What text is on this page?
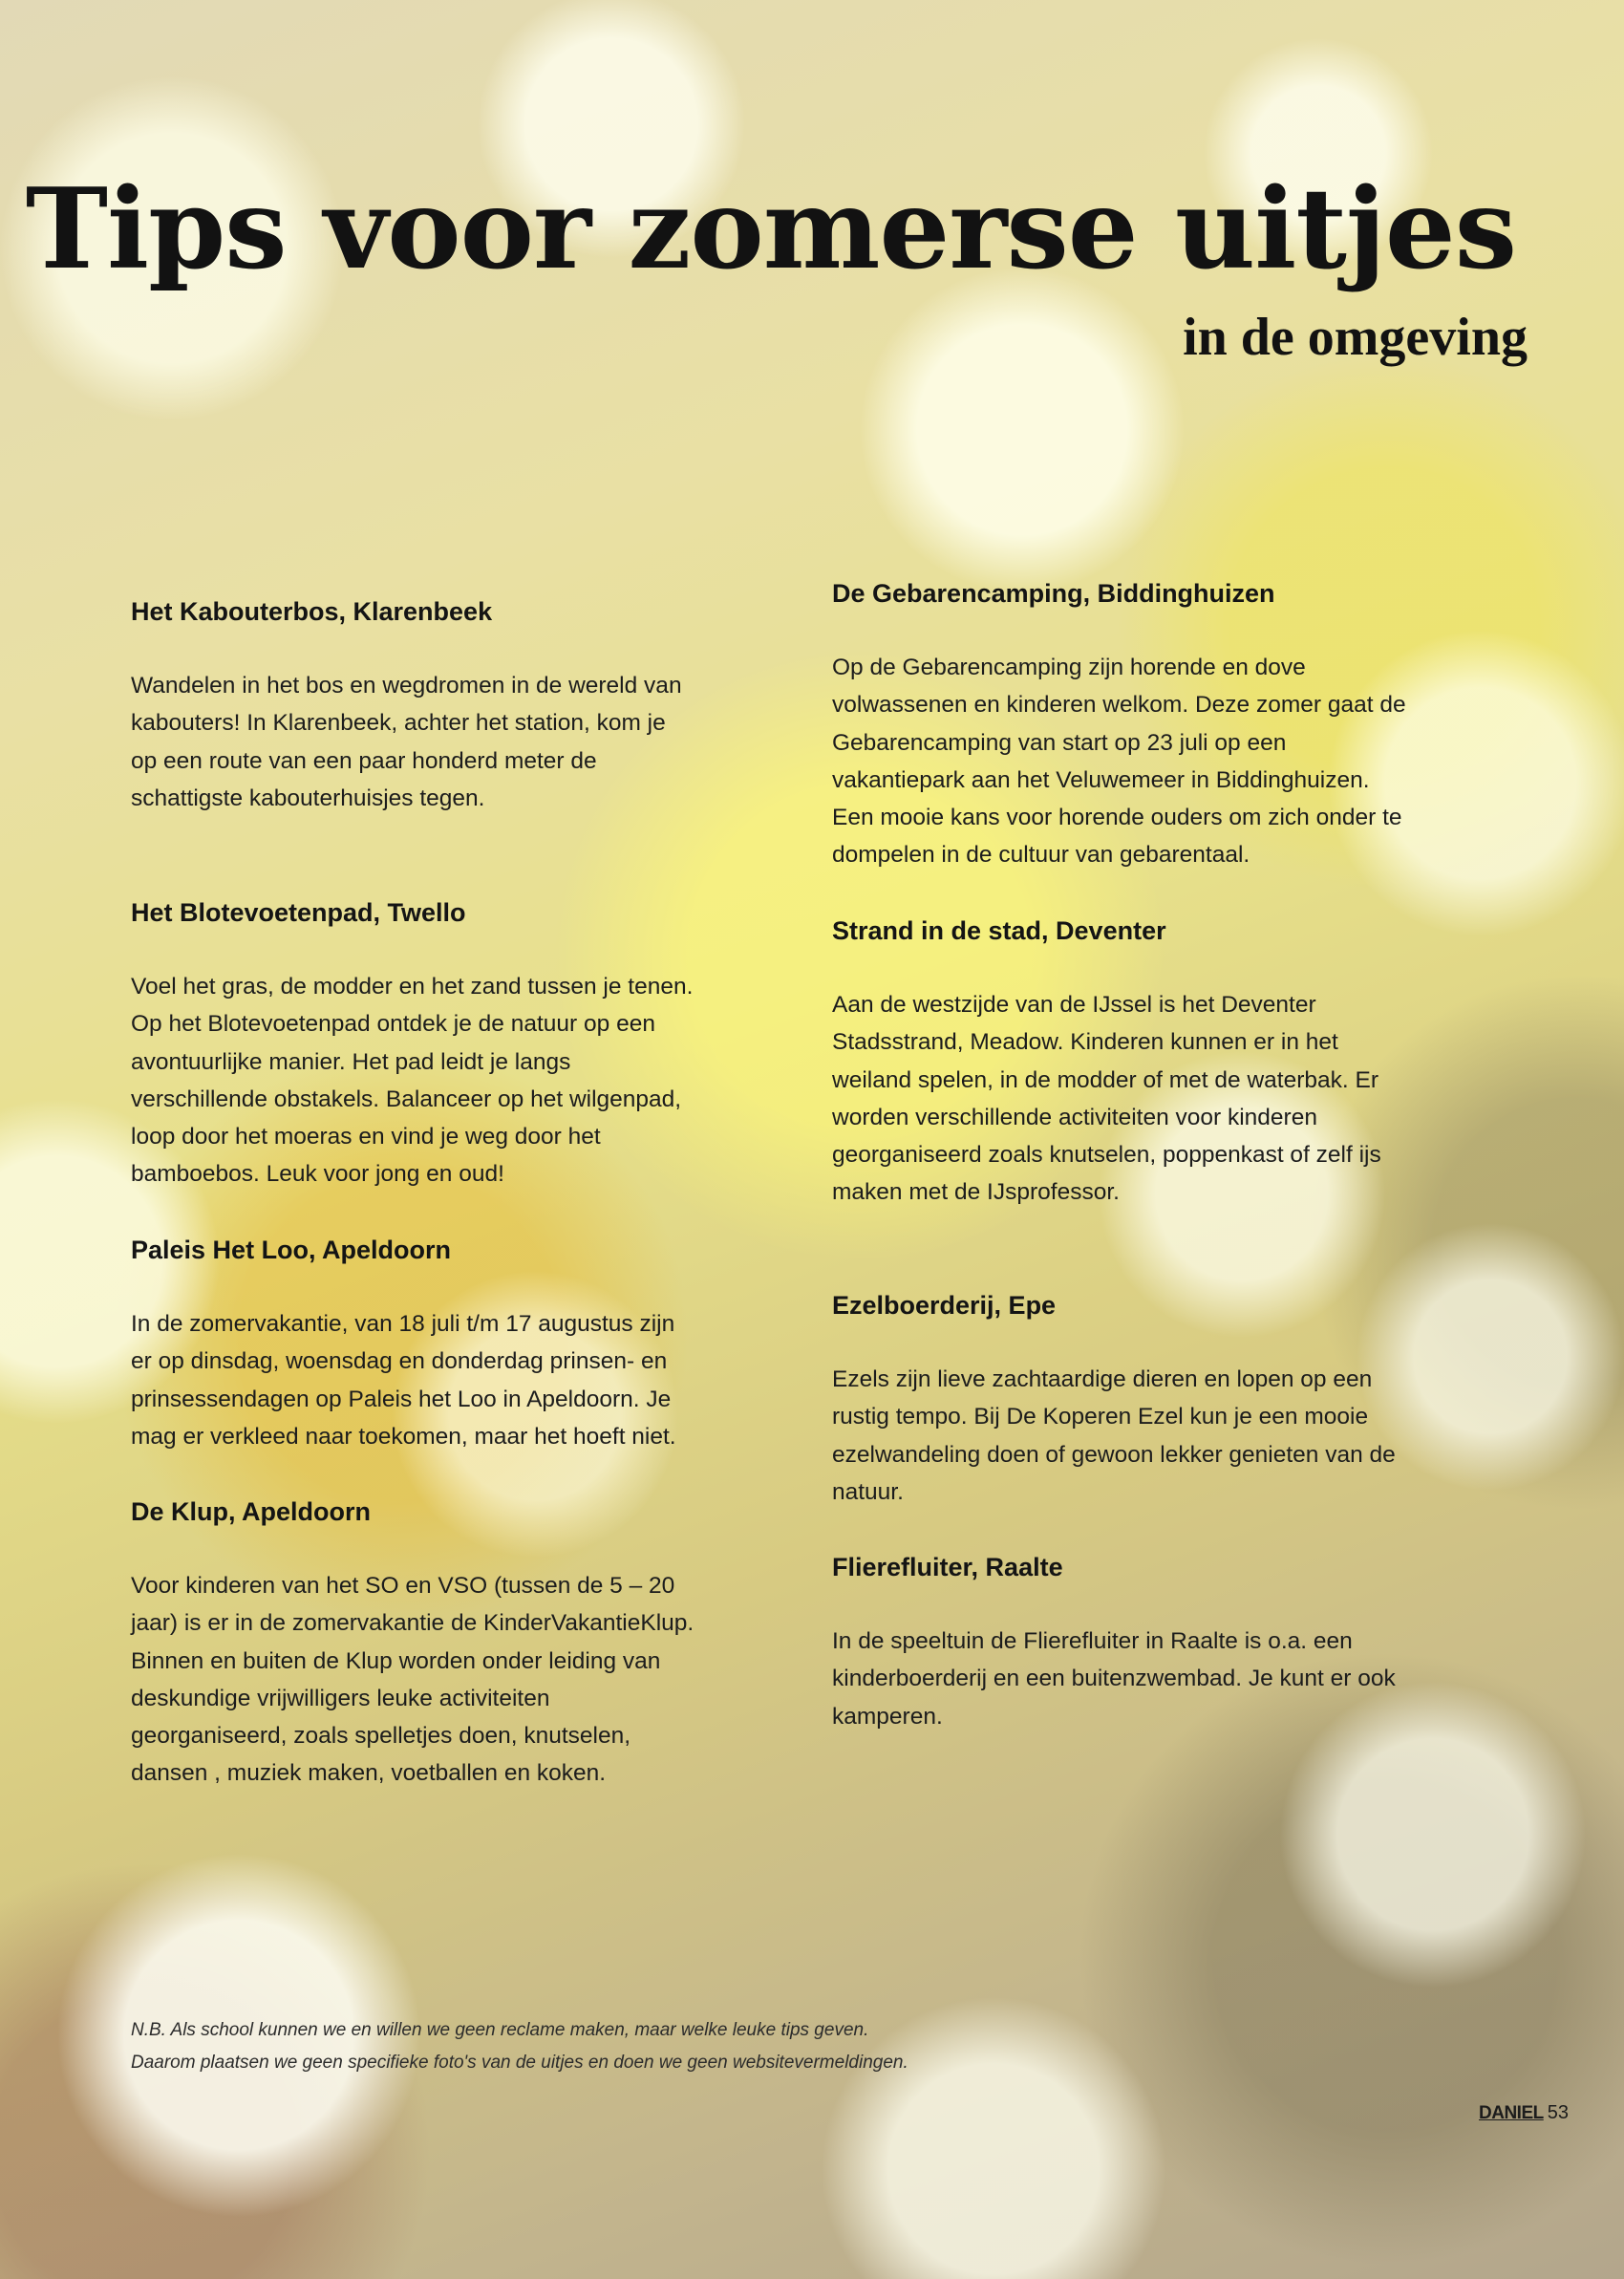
Tips voor zomerse uitjes
in de omgeving
Het Kabouterbos, Klarenbeek

Wandelen in het bos en wegdromen in de wereld van
kabouters! In Klarenbeek, achter het station, kom je
op een route van een paar honderd meter de
schattigste kabouterhuisjes tegen.

Het Blotevoetenpad, Twello

Voel het gras, de modder en het zand tussen je tenen.
Op het Blotevoetenpad ontdek je de natuur op een
avontuurlijke manier. Het pad leidt je langs
verschillende obstakels. Balanceer op het wilgenpad,
loop door het moeras en vind je weg door het
bamboebos. Leuk voor jong en oud!

Paleis Het Loo, Apeldoorn

In de zomervakantie, van 18 juli t/m 17 augustus zijn
er op dinsdag, woensdag en donderdag prinsen- en
prinsessendagen op Paleis het Loo in Apeldoorn. Je
mag er verkleed naar toekomen, maar het hoeft niet.

De Klup, Apeldoorn

Voor kinderen van het SO en VSO (tussen de 5 – 20
jaar) is er in de zomervakantie de KinderVakantieKlup.
Binnen en buiten de Klup worden onder leiding van
deskundige vrijwilligers leuke activiteiten
georganiseerd, zoals spelletjes doen, knutselen,
dansen , muziek maken, voetballen en koken.

De Gebarencamping, Biddinghuizen

Op de Gebarencamping zijn horende en dove
volwassenen en kinderen welkom. Deze zomer gaat de
Gebarencamping van start op 23 juli op een
vakantiepark aan het Veluwemeer in Biddinghuizen.
Een mooie kans voor horende ouders om zich onder te
dompelen in de cultuur van gebarentaal.

Strand in de stad, Deventer

Aan de westzijde van de IJssel is het Deventer
Stadsstrand, Meadow. Kinderen kunnen er in het
weiland spelen, in de modder of met de waterbak. Er
worden verschillende activiteiten voor kinderen
georganiseerd zoals knutselen, poppenkast of zelf ijs
maken met de IJsprofessor.

Ezelboerderij, Epe

Ezels zijn lieve zachtaardige dieren en lopen op een
rustig tempo. Bij De Koperen Ezel kun je een mooie
ezelwandeling doen of gewoon lekker genieten van de
natuur.

Flierefluiter, Raalte

In de speeltuin de Flierefluiter in Raalte is o.a. een
kinderboerderij en een buitenzwembad. Je kunt er ook
kamperen.

N.B. Als school kunnen we en willen we geen reclame maken, maar welke leuke tips geven.
Daarom plaatsen we geen specifieke foto's van de uitjes en doen we geen websitevermeldingen.

DANIEL 53
